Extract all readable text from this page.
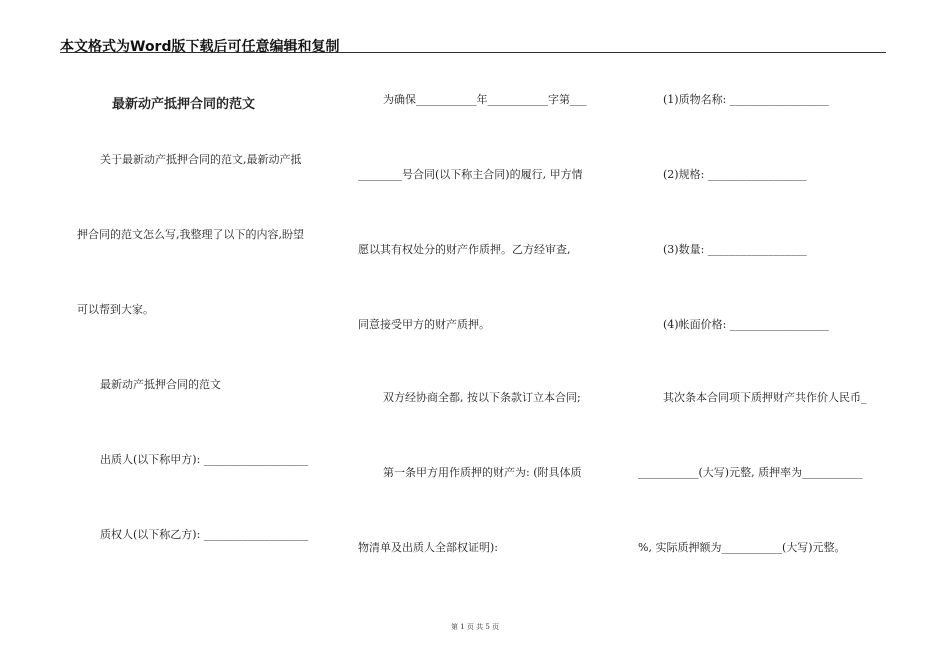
本文格式为Word版下载后可任意编辑和复制
最新动产抵押合同的范文
关于最新动产抵押合同的范文,最新动产抵
押合同的范文怎么写,我整理了以下的内容,盼望
可以帮到大家。
最新动产抵押合同的范文
出质人(以下称甲方): ___________________
质权人(以下称乙方): ___________________
为确保___________年___________字第___
________号合同(以下称主合同)的履行, 甲方情
愿以其有权处分的财产作质押。乙方经审查,
同意接受甲方的财产质押。
双方经协商全都, 按以下条款订立本合同;
第一条甲方用作质押的财产为: (附具体质
物清单及出质人全部权证明):
(1)质物名称: __________________
(2)规格: __________________
(3)数量: __________________
(4)帐面价格: __________________
其次条本合同项下质押财产共作价人民币_
___________(大写)元整, 质押率为___________
%, 实际质押额为___________(大写)元整。
第 1 页 共 5 页
